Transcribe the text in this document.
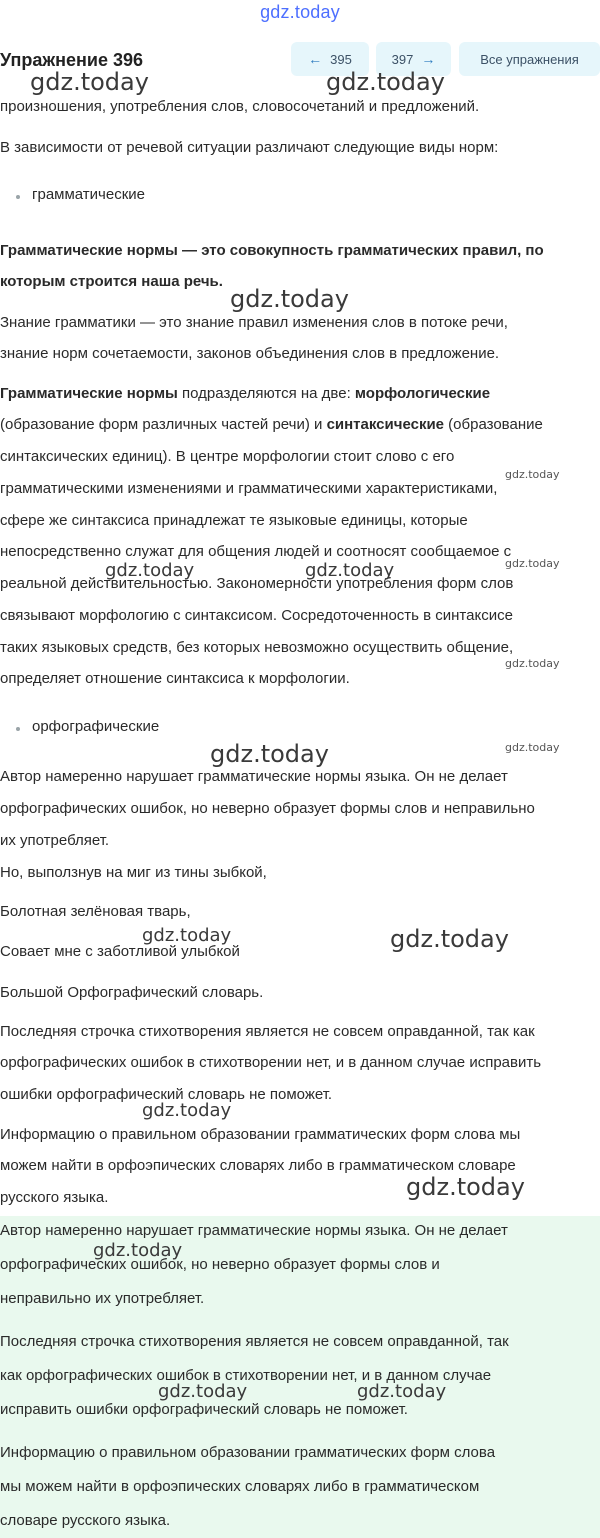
gdz.today
Упражнение 396	← 395	397 →	Все упражнения
произношения, употребления слов, словосочетаний и предложений.
В зависимости от речевой ситуации различают следующие виды норм:
грамматические
Грамматические нормы — это совокупность грамматических правил, по
которым строится наша речь.
Знание грамматики — это знание правил изменения слов в потоке речи,
знание норм сочетаемости, законов объединения слов в предложение.
Грамматические нормы подразделяются на две: морфологические
(образование форм различных частей речи) и синтаксические (образование
синтаксических единиц). В центре морфологии стоит слово с его
грамматическими изменениями и грамматическими характеристиками,
сфере же синтаксиса принадлежат те языковые единицы, которые
непосредственно служат для общения людей и соотносят сообщаемое с
реальной действительностью. Закономерности употребления форм слов
связывают морфологию с синтаксисом. Сосредоточенность в синтаксисе
таких языковых средств, без которых невозможно осуществить общение,
определяет отношение синтаксиса к морфологии.
орфографические
Автор намеренно нарушает грамматические нормы языка. Он не делает
орфографических ошибок, но неверно образует формы слов и неправильно
их употребляет.
Но, выползнув на миг из тины зыбкой,
Болотная зелёновая тварь,
Совает мне с заботливой улыбкой
Большой Орфографический словарь.
Последняя строчка стихотворения является не совсем оправданной, так как
орфографических ошибок в стихотворении нет, и в данном случае исправить
ошибки орфографический словарь не поможет.
Информацию о правильном образовании грамматических форм слова мы
можем найти в орфоэпических словарях либо в грамматическом словаре
русского языка.
Автор намеренно нарушает грамматические нормы языка. Он не делает
орфографических ошибок, но неверно образует формы слов и
неправильно их употребляет.
Последняя строчка стихотворения является не совсем оправданной, так
как орфографических ошибок в стихотворении нет, и в данном случае
исправить ошибки орфографический словарь не поможет.
Информацию о правильном образовании грамматических форм слова
мы можем найти в орфоэпических словарях либо в грамматическом
словаре русского языка.
gdz.today	gdz.today
gdz.today
gdz.today
gdz.today	gdz.today	gdz.today
gdz.today
gdz.today	gdz.today
gdz.today	gdz.today
gdz.today
gdz.today
gdz.today
gdz.today	gdz.today
